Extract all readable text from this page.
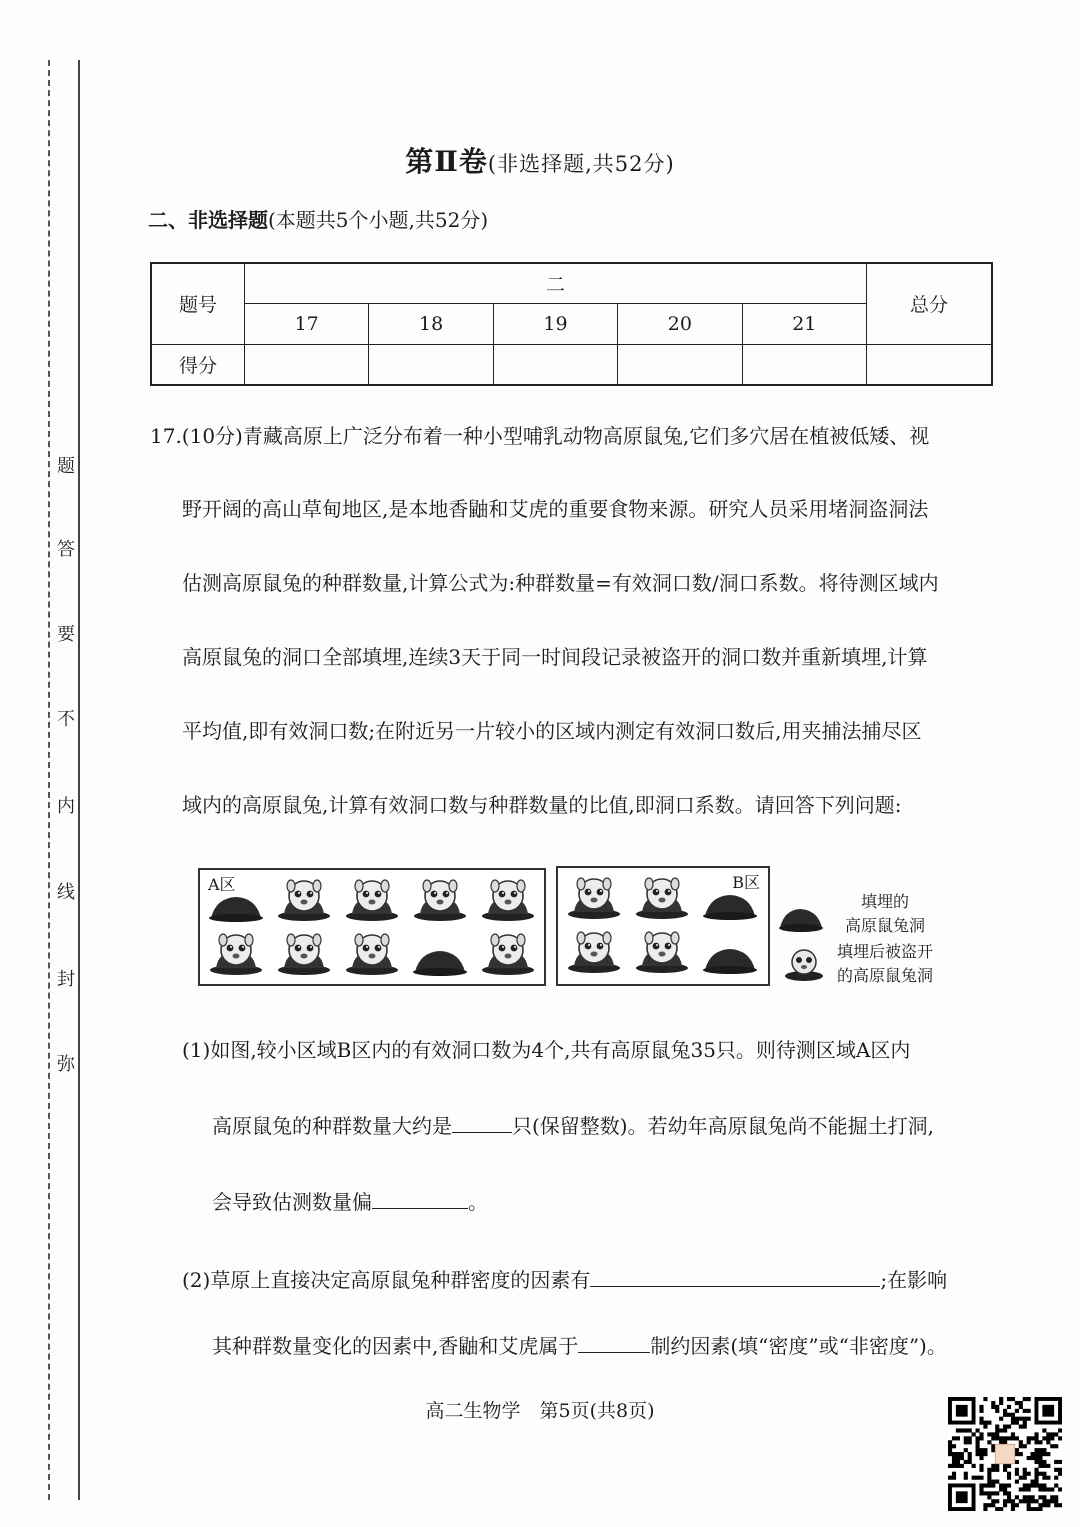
题
答
要
不
内
线
封
弥
第Ⅱ卷(非选择题,共52分)
二、非选择题(本题共5个小题,共52分)
题号	二					总分
	17	18	19	20	21	
得分						
17.(10分)青藏高原上广泛分布着一种小型哺乳动物高原鼠兔,它们多穴居在植被低矮、视
野开阔的高山草甸地区,是本地香鼬和艾虎的重要食物来源。研究人员采用堵洞盗洞法
估测高原鼠兔的种群数量,计算公式为:种群数量=有效洞口数/洞口系数。将待测区域内
高原鼠兔的洞口全部填埋,连续3天于同一时间段记录被盗开的洞口数并重新填埋,计算
平均值,即有效洞口数;在附近另一片较小的区域内测定有效洞口数后,用夹捕法捕尽区
域内的高原鼠兔,计算有效洞口数与种群数量的比值,即洞口系数。请回答下列问题:
A区	B区
填埋的
高原鼠兔洞
填埋后被盗开
的高原鼠兔洞
(1)如图,较小区域B区内的有效洞口数为4个,共有高原鼠兔35只。则待测区域A区内
高原鼠兔的种群数量大约是	只(保留整数)。若幼年高原鼠兔尚不能掘土打洞,
会导致估测数量偏	。
(2)草原上直接决定高原鼠兔种群密度的因素有	;在影响
其种群数量变化的因素中,香鼬和艾虎属于	制约因素(填“密度”或“非密度”)。
高二生物学　第5页(共8页)
